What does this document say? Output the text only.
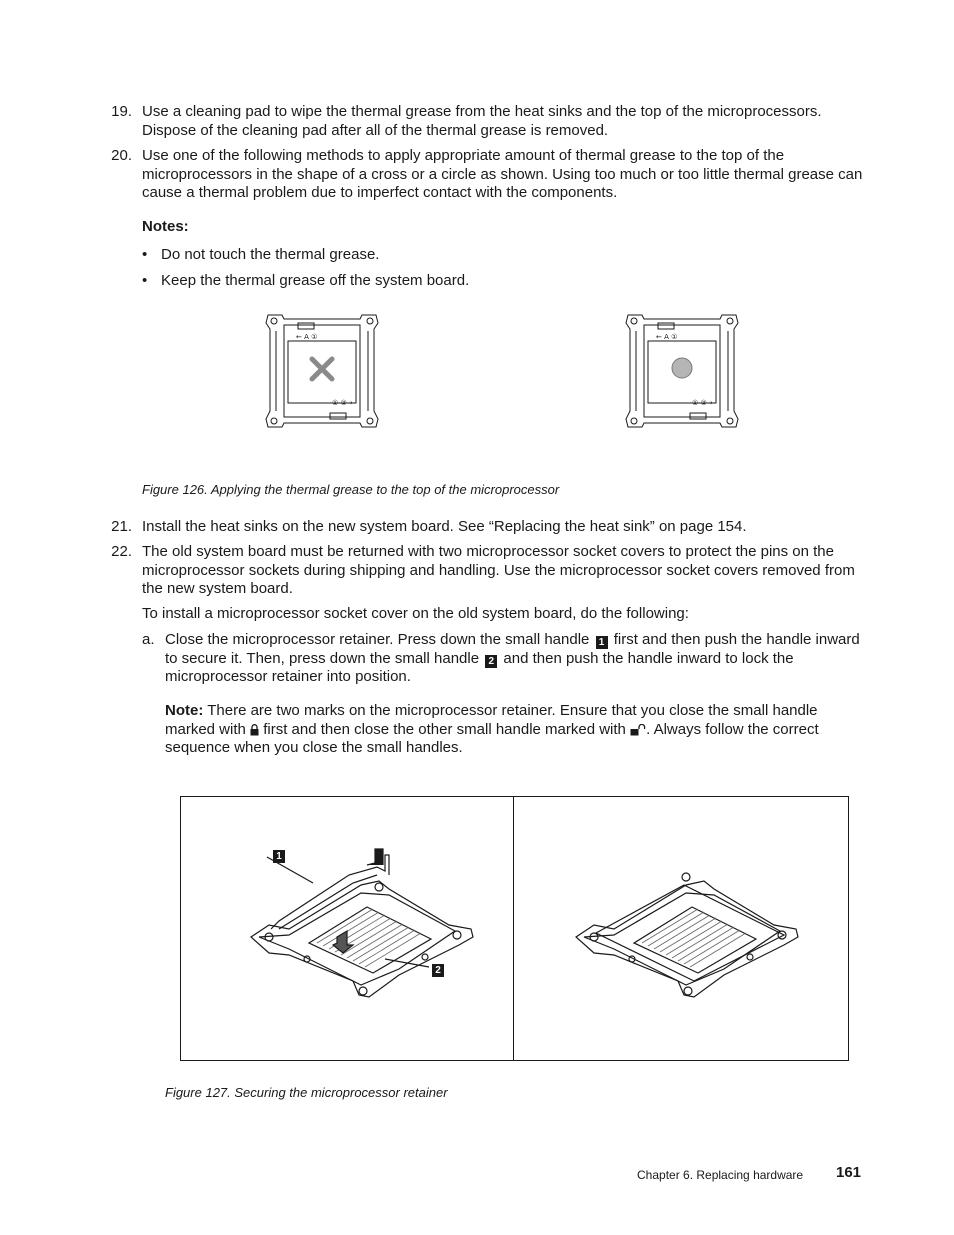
19. Use a cleaning pad to wipe the thermal grease from the heat sinks and the top of the microprocessors. Dispose of the cleaning pad after all of the thermal grease is removed.
20. Use one of the following methods to apply appropriate amount of thermal grease to the top of the microprocessors in the shape of a cross or a circle as shown. Using too much or too little thermal grease can cause a thermal problem due to imperfect contact with the components.
Notes:
• Do not touch the thermal grease.
• Keep the thermal grease off the system board.
← A ①
① ②→
← A ①
① ②→
Figure 126. Applying the thermal grease to the top of the microprocessor
21. Install the heat sinks on the new system board. See “Replacing the heat sink” on page 154.
22. The old system board must be returned with two microprocessor socket covers to protect the pins on the microprocessor sockets during shipping and handling. Use the microprocessor socket covers removed from the new system board.
To install a microprocessor socket cover on the old system board, do the following:
a. Close the microprocessor retainer. Press down the small handle 1 first and then push the handle inward to secure it. Then, press down the small handle 2 and then push the handle inward to lock the microprocessor retainer into position.
Note: There are two marks on the microprocessor retainer. Ensure that you close the small handle marked with first and then close the other small handle marked with . Always follow the correct sequence when you close the small handles.
1
2
Figure 127. Securing the microprocessor retainer
Chapter 6. Replacing hardware 161
